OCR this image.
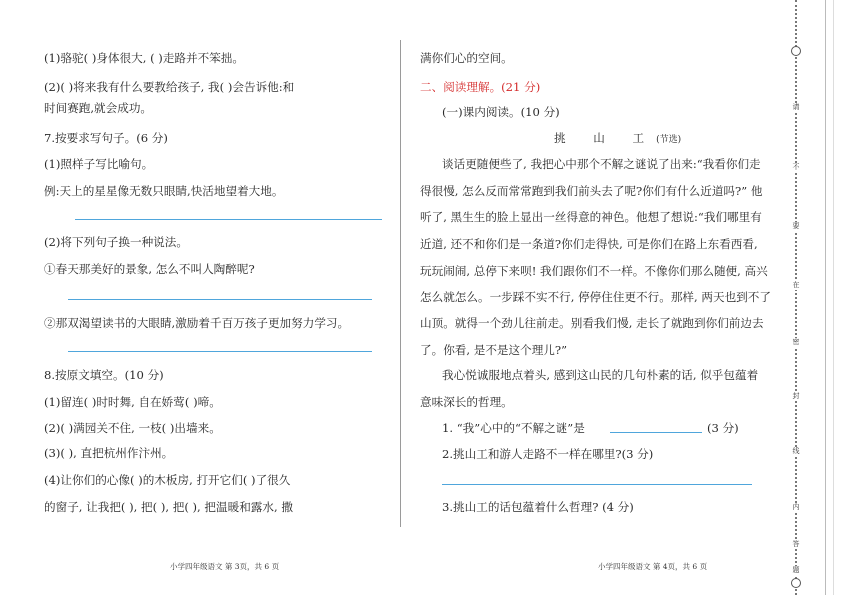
(1)骆驼( )身体很大, ( )走路并不笨拙。
(2)( )将来我有什么要教给孩子, 我( )会告诉他:和
时间赛跑,就会成功。
7.按要求写句子。(6 分)
(1)照样子写比喻句。
例:天上的星星像无数只眼睛,快活地望着大地。
(2)将下列句子换一种说法。
①春天那美好的景象, 怎么不叫人陶醉呢?
②那双渴望读书的大眼睛,激励着千百万孩子更加努力学习。
8.按原文填空。(10 分)
(1)留连( )时时舞, 自在娇莺( )啼。
(2)( )满园关不住, 一枝( )出墙来。
(3)( ), 直把杭州作汴州。
(4)让你们的心像( )的木板房, 打开它们( )了很久
的窗子, 让我把( ), 把( ), 把( ), 把温暖和露水, 撒
小学四年级语文 第 3页，共 6 页
满你们心的空间。
二、阅读理解。(21 分)
(一)课内阅读。(10 分)
挑 山 工(节选)
谈话更随便些了, 我把心中那个不解之谜说了出来:“我看你们走
得很慢, 怎么反而常常跑到我们前头去了呢?你们有什么近道吗?” 他
听了, 黑生生的脸上显出一丝得意的神色。他想了想说:“我们哪里有
近道, 还不和你们是一条道?你们走得快, 可是你们在路上东看西看,
玩玩闹闹, 总停下来呗! 我们跟你们不一样。不像你们那么随便, 高兴
怎么就怎么。一步踩不实不行, 停停住住更不行。那样, 两天也到不了
山顶。就得一个劲儿往前走。别看我们慢, 走长了就跑到你们前边去
了。你看, 是不是这个理儿?”
我心悦诚服地点着头, 感到这山民的几句朴素的话, 似乎包蕴着
意味深长的哲理。
1. “我”心中的“不解之谜”是	(3 分)
2.挑山工和游人走路不一样在哪里?(3 分)
3.挑山工的话包蕴着什么哲理? (4 分)
小学四年级语文 第 4页，共 6 页
请
不
要
在
密
封
线
内
答
题
